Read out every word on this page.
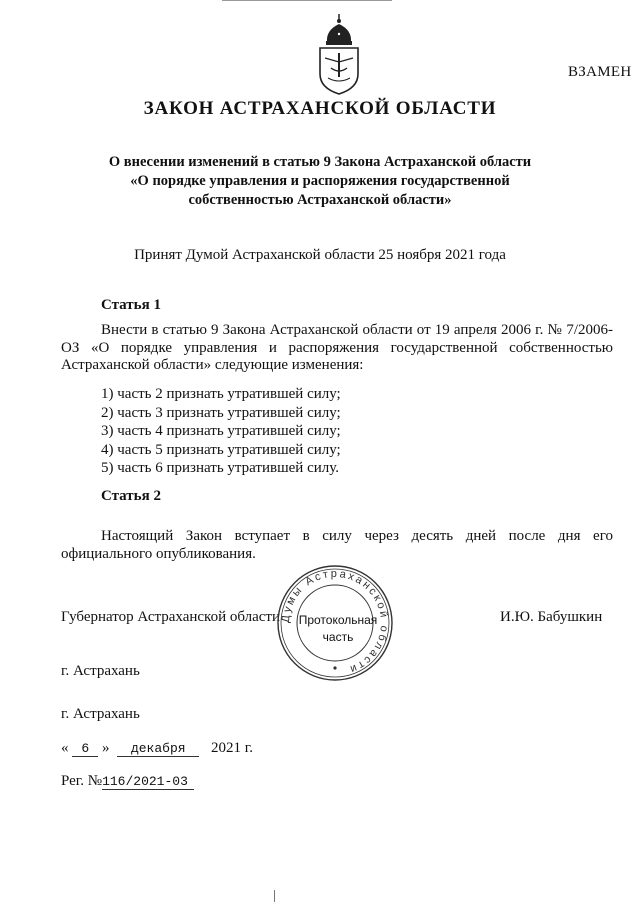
ВЗАМЕН
ЗАКОН АСТРАХАНСКОЙ ОБЛАСТИ
О внесении изменений в статью 9 Закона Астраханской области
«О порядке управления и распоряжения государственной
собственностью Астраханской области»
Принят Думой Астраханской области 25 ноября 2021 года
Статья 1
Внести в статью 9 Закона Астраханской области от 19 апреля 2006 г. № 7/2006-ОЗ «О порядке управления и распоряжения государственной собственностью Астраханской области» следующие изменения:
1) часть 2 признать утратившей силу;
2) часть 3 признать утратившей силу;
3) часть 4 признать утратившей силу;
4) часть 5 признать утратившей силу;
5) часть 6 признать утратившей силу.
Статья 2
Настоящий Закон вступает в силу через десять дней после дня его официального опубликования.
Губернатор Астраханской области Думы Астраханской области
Протокольная
часть
И.Ю. Бабушкин
г. Астрахань
г. Астрахань
« 6 » декабря 2021 г.
Рег. №116/2021-03
